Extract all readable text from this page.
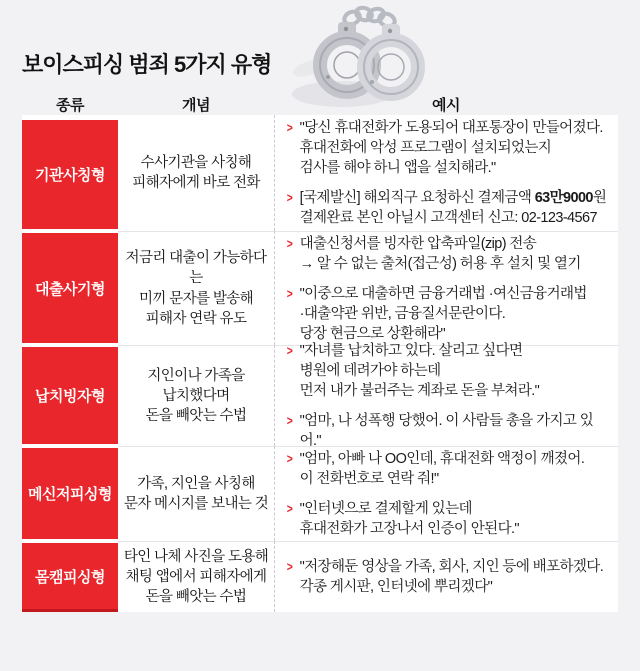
보이스피싱 범죄 5가지 유형
종류	개념	예시
기관사칭형
수사기관을 사칭해
피해자에게 바로 전화
> "당신 휴대전화가 도용되어 대포통장이 만들어졌다.
휴대전화에 악성 프로그램이 설치되었는지
검사를 해야 하니 앱을 설치해라."
> [국제발신] 해외직구 요청하신 결제금액 63만9000원
결제완료 본인 아닐시 고객센터 신고: 02-123-4567
대출사기형
저금리 대출이 가능하다는
미끼 문자를 발송해
피해자 연락 유도
> 대출신청서를 빙자한 압축파일(zip) 전송
→ 알 수 없는 출처(접근성) 허용 후 설치 및 열기
> "이중으로 대출하면 금융거래법 ·여신금융거래법
·대출약관 위반, 금융질서문란이다.
당장 현금으로 상환해라"
납치빙자형
지인이나 가족을
납치했다며
돈을 빼앗는 수법
> "자녀를 납치하고 있다. 살리고 싶다면
병원에 데려가야 하는데
먼저 내가 불러주는 계좌로 돈을 부쳐라."
> "엄마, 나 성폭행 당했어. 이 사람들 총을 가지고 있어."
메신저피싱형
가족, 지인을 사칭해
문자 메시지를 보내는 것
> "엄마, 아빠 나 OO인데, 휴대전화 액정이 깨졌어.
이 전화번호로 연락 줘!"
> "인터넷으로 결제할게 있는데
휴대전화가 고장나서 인증이 안된다."
몸캠피싱형
타인 나체 사진을 도용해
채팅 앱에서 피해자에게
돈을 빼앗는 수법
> "저장해둔 영상을 가족, 회사, 지인 등에 배포하겠다.
각종 게시판, 인터넷에 뿌리겠다"
